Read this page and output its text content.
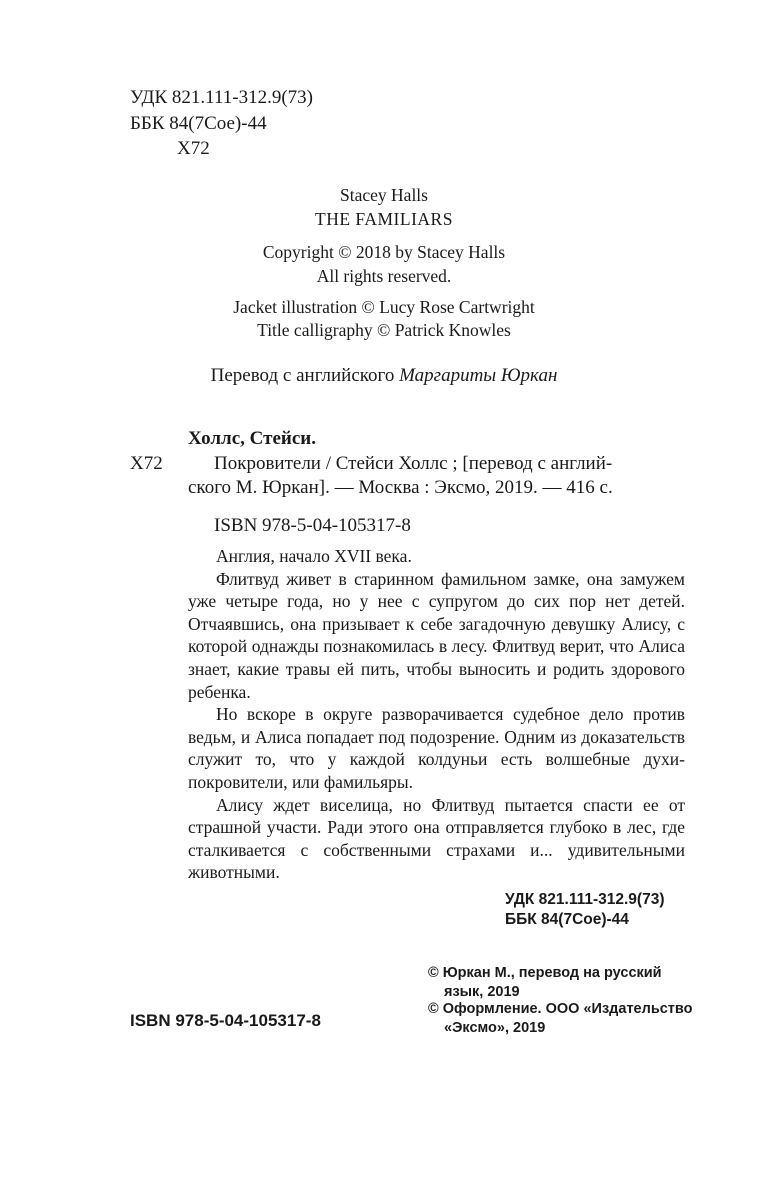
УДК 821.111-312.9(73)
ББК 84(7Сое)-44
Х72
Stacey Halls
THE FAMILIARS
Copyright © 2018 by Stacey Halls
All rights reserved.
Jacket illustration © Lucy Rose Cartwright
Title calligraphy © Patrick Knowles
Перевод с английского Маргариты Юркан
Холлс, Стейси.
Х72	Покровители / Стейси Холлс ; [перевод с англий-
ского М. Юркан]. — Москва : Эксмо, 2019. — 416 с.
ISBN 978-5-04-105317-8

Англия, начало XVII века.

Флитвуд живет в старинном фамильном замке, она замужем уже четыре года, но у нее с супругом до сих пор нет детей. Отчаявшись, она призывает к себе загадочную девушку Алису, с которой однажды познакомилась в лесу. Флитвуд верит, что Алиса знает, какие травы ей пить, чтобы выносить и родить здорового ребенка.

Но вскоре в округе разворачивается судебное дело против ведьм, и Алиса попадает под подозрение. Одним из доказательств служит то, что у каждой колдуньи есть волшебные духи-покровители, или фамильяры.

Алису ждет виселица, но Флитвуд пытается спасти ее от страшной участи. Ради этого она отправляется глубоко в лес, где сталкивается с собственными страхами и... удивительными животными.

УДК 821.111-312.9(73)
ББК 84(7Сое)-44
© Юркан М., перевод на русский язык, 2019
© Оформление. ООО «Издательство «Эксмо», 2019
ISBN 978-5-04-105317-8
